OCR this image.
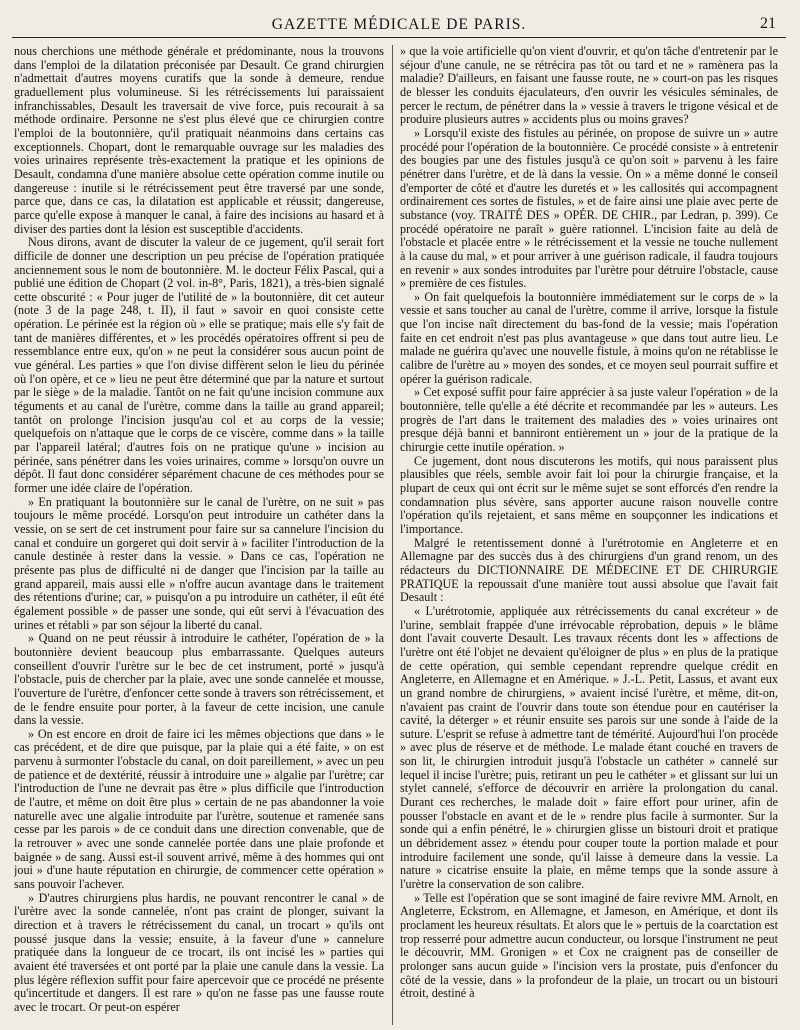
GAZETTE MÉDICALE DE PARIS.	21

nous cherchions une méthode générale et prédominante, nous la trouvons dans l'emploi de la dilatation préconisée par Desault. Ce grand chirurgien n'admettait d'autres moyens curatifs que la sonde à demeure, rendue graduellement plus volumineuse. Si les rétrécissements lui paraissaient infranchissables, Desault les traversait de vive force, puis recourait à sa méthode ordinaire. Personne ne s'est plus élevé que ce chirurgien contre l'emploi de la boutonnière, qu'il pratiquait néanmoins dans certains cas exceptionnels. Chopart, dont le remarquable ouvrage sur les maladies des voies urinaires représente très-exactement la pratique et les opinions de Desault, condamna d'une manière absolue cette opération comme inutile ou dangereuse : inutile si le rétrécissement peut être traversé par une sonde, parce que, dans ce cas, la dilatation est applicable et réussit; dangereuse, parce qu'elle expose à manquer le canal, à faire des incisions au hasard et à diviser des parties dont la lésion est susceptible d'accidents.

Nous dirons, avant de discuter la valeur de ce jugement, qu'il serait fort difficile de donner une description un peu précise de l'opération pratiquée anciennement sous le nom de boutonnière. M. le docteur Félix Pascal, qui a publié une édition de Chopart (2 vol. in-8°, Paris, 1821), a très-bien signalé cette obscurité : « Pour juger de l'utilité de » la boutonnière, dit cet auteur (note 3 de la page 248, t. II), il faut » savoir en quoi consiste cette opération. Le périnée est la région où » elle se pratique; mais elle s'y fait de tant de manières différentes, et » les procédés opératoires offrent si peu de ressemblance entre eux, qu'on » ne peut la considérer sous aucun point de vue général. Les parties » que l'on divise diffèrent selon le lieu du périnée où l'on opère, et ce » lieu ne peut être déterminé que par la nature et surtout par le siège » de la maladie. Tantôt on ne fait qu'une incision commune aux téguments et au canal de l'urètre, comme dans la taille au grand appareil; tantôt on prolonge l'incision jusqu'au col et au corps de la vessie; quelquefois on n'attaque que le corps de ce viscère, comme dans » la taille par l'appareil latéral; d'autres fois on ne pratique qu'une » incision au périnée, sans pénétrer dans les voies urinaires, comme » lorsqu'on ouvre un dépôt. Il faut donc considérer séparément chacune de ces méthodes pour se former une idée claire de l'opération.

» En pratiquant la boutonnière sur le canal de l'urètre, on ne suit » pas toujours le même procédé. Lorsqu'on peut introduire un cathéter dans la vessie, on se sert de cet instrument pour faire sur sa cannelure l'incision du canal et conduire un gorgeret qui doit servir à » faciliter l'introduction de la canule destinée à rester dans la vessie. » Dans ce cas, l'opération ne présente pas plus de difficulté ni de danger que l'incision par la taille au grand appareil, mais aussi elle » n'offre aucun avantage dans le traitement des rétentions d'urine; car, » puisqu'on a pu introduire un cathéter, il eût été également possible » de passer une sonde, qui eût servi à l'évacuation des urines et rétabli » par son séjour la liberté du canal.

» Quand on ne peut réussir à introduire le cathéter, l'opération de » la boutonnière devient beaucoup plus embarrassante. Quelques auteurs conseillent d'ouvrir l'urètre sur le bec de cet instrument, porté » jusqu'à l'obstacle, puis de chercher par la plaie, avec une sonde cannelée et mousse, l'ouverture de l'urètre, d'enfoncer cette sonde à travers son rétrécissement, et de le fendre ensuite pour porter, à la faveur de cette incision, une canule dans la vessie.

» On est encore en droit de faire ici les mêmes objections que dans » le cas précédent, et de dire que puisque, par la plaie qui a été faite, » on est parvenu à surmonter l'obstacle du canal, on doit pareillement, » avec un peu de patience et de dextérité, réussir à introduire une » algalie par l'urètre; car l'introduction de l'une ne devrait pas être » plus difficile que l'introduction de l'autre, et même on doit être plus » certain de ne pas abandonner la voie naturelle avec une algalie introduite par l'urètre, soutenue et ramenée sans cesse par les parois » de ce conduit dans une direction convenable, que de la retrouver » avec une sonde cannelée portée dans une plaie profonde et baignée » de sang. Aussi est-il souvent arrivé, même à des hommes qui ont joui » d'une haute réputation en chirurgie, de commencer cette opération » sans pouvoir l'achever.

» D'autres chirurgiens plus hardis, ne pouvant rencontrer le canal » de l'urètre avec la sonde cannelée, n'ont pas craint de plonger, suivant la direction et à travers le rétrécissement du canal, un trocart » qu'ils ont poussé jusque dans la vessie; ensuite, à la faveur d'une » cannelure pratiquée dans la longueur de ce trocart, ils ont incisé les » parties qui avaient été traversées et ont porté par la plaie une canule dans la vessie. La plus légère réflexion suffit pour faire apercevoir que ce procédé ne présente qu'incertitude et dangers. Il est rare » qu'on ne fasse pas une fausse route avec le trocart. Or peut-on espérer

» que la voie artificielle qu'on vient d'ouvrir, et qu'on tâche d'entretenir par le séjour d'une canule, ne se rétrécira pas tôt ou tard et ne » ramènera pas la maladie? D'ailleurs, en faisant une fausse route, ne » court-on pas les risques de blesser les conduits éjaculateurs, d'en ouvrir les vésicules séminales, de percer le rectum, de pénétrer dans la » vessie à travers le trigone vésical et de produire plusieurs autres » accidents plus ou moins graves?

» Lorsqu'il existe des fistules au périnée, on propose de suivre un » autre procédé pour l'opération de la boutonnière. Ce procédé consiste » à entretenir des bougies par une des fistules jusqu'à ce qu'on soit » parvenu à les faire pénétrer dans l'urètre, et de là dans la vessie. On » a même donné le conseil d'emporter de côté et d'autre les duretés et » les callosités qui accompagnent ordinairement ces sortes de fistules, » et de faire ainsi une plaie avec perte de substance (voy. TRAITÉ DES » OPÉR. DE CHIR., par Ledran, p. 399). Ce procédé opératoire ne paraît » guère rationnel. L'incision faite au delà de l'obstacle et placée entre » le rétrécissement et la vessie ne touche nullement à la cause du mal, » et pour arriver à une guérison radicale, il faudra toujours en revenir » aux sondes introduites par l'urètre pour détruire l'obstacle, cause » première de ces fistules.

» On fait quelquefois la boutonnière immédiatement sur le corps de » la vessie et sans toucher au canal de l'urètre, comme il arrive, lorsque la fistule que l'on incise naît directement du bas-fond de la vessie; mais l'opération faite en cet endroit n'est pas plus avantageuse » que dans tout autre lieu. Le malade ne guérira qu'avec une nouvelle fistule, à moins qu'on ne rétablisse le calibre de l'urètre au » moyen des sondes, et ce moyen seul pourrait suffire et opérer la guérison radicale.

» Cet exposé suffit pour faire apprécier à sa juste valeur l'opération » de la boutonnière, telle qu'elle a été décrite et recommandée par les » auteurs. Les progrès de l'art dans le traitement des maladies des » voies urinaires ont presque déjà banni et banniront entièrement un » jour de la pratique de la chirurgie cette inutile opération. »

Ce jugement, dont nous discuterons les motifs, qui nous paraissent plus plausibles que réels, semble avoir fait loi pour la chirurgie française, et la plupart de ceux qui ont écrit sur le même sujet se sont efforcés d'en rendre la condamnation plus sévère, sans apporter aucune raison nouvelle contre l'opération qu'ils rejetaient, et sans même en soupçonner les indications et l'importance.

Malgré le retentissement donné à l'urétrotomie en Angleterre et en Allemagne par des succès dus à des chirurgiens d'un grand renom, un des rédacteurs du DICTIONNAIRE DE MÉDECINE ET DE CHIRURGIE PRATIQUE la repoussait d'une manière tout aussi absolue que l'avait fait Desault :

« L'urétrotomie, appliquée aux rétrécissements du canal excréteur » de l'urine, semblait frappée d'une irrévocable réprobation, depuis » le blâme dont l'avait couverte Desault. Les travaux récents dont les » affections de l'urètre ont été l'objet ne devaient qu'éloigner de plus » en plus de la pratique de cette opération, qui semble cependant reprendre quelque crédit en Angleterre, en Allemagne et en Amérique. » J.-L. Petit, Lassus, et avant eux un grand nombre de chirurgiens, » avaient incisé l'urètre, et même, dit-on, n'avaient pas craint de l'ouvrir dans toute son étendue pour en cautériser la cavité, la déterger » et réunir ensuite ses parois sur une sonde à l'aide de la suture. L'esprit se refuse à admettre tant de témérité. Aujourd'hui l'on procède » avec plus de réserve et de méthode. Le malade étant couché en travers de son lit, le chirurgien introduit jusqu'à l'obstacle un cathéter » cannelé sur lequel il incise l'urètre; puis, retirant un peu le cathéter » et glissant sur lui un stylet cannelé, s'efforce de découvrir en arrière la prolongation du canal. Durant ces recherches, le malade doit » faire effort pour uriner, afin de pousser l'obstacle en avant et de le » rendre plus facile à surmonter. Sur la sonde qui a enfin pénétré, le » chirurgien glisse un bistouri droit et pratique un débridement assez » étendu pour couper toute la portion malade et pour introduire facilement une sonde, qu'il laisse à demeure dans la vessie. La nature » cicatrise ensuite la plaie, en même temps que la sonde assure à l'urètre la conservation de son calibre.

» Telle est l'opération que se sont imaginé de faire revivre MM. Arnolt, en Angleterre, Eckstrom, en Allemagne, et Jameson, en Amérique, et dont ils proclament les heureux résultats. Et alors que le » pertuis de la coarctation est trop resserré pour admettre aucun conducteur, ou lorsque l'instrument ne peut le découvrir, MM. Gronigen » et Cox ne craignent pas de conseiller de prolonger sans aucun guide » l'incision vers la prostate, puis d'enfoncer du côté de la vessie, dans » la profondeur de la plaie, un trocart ou un bistouri étroit, destiné à
